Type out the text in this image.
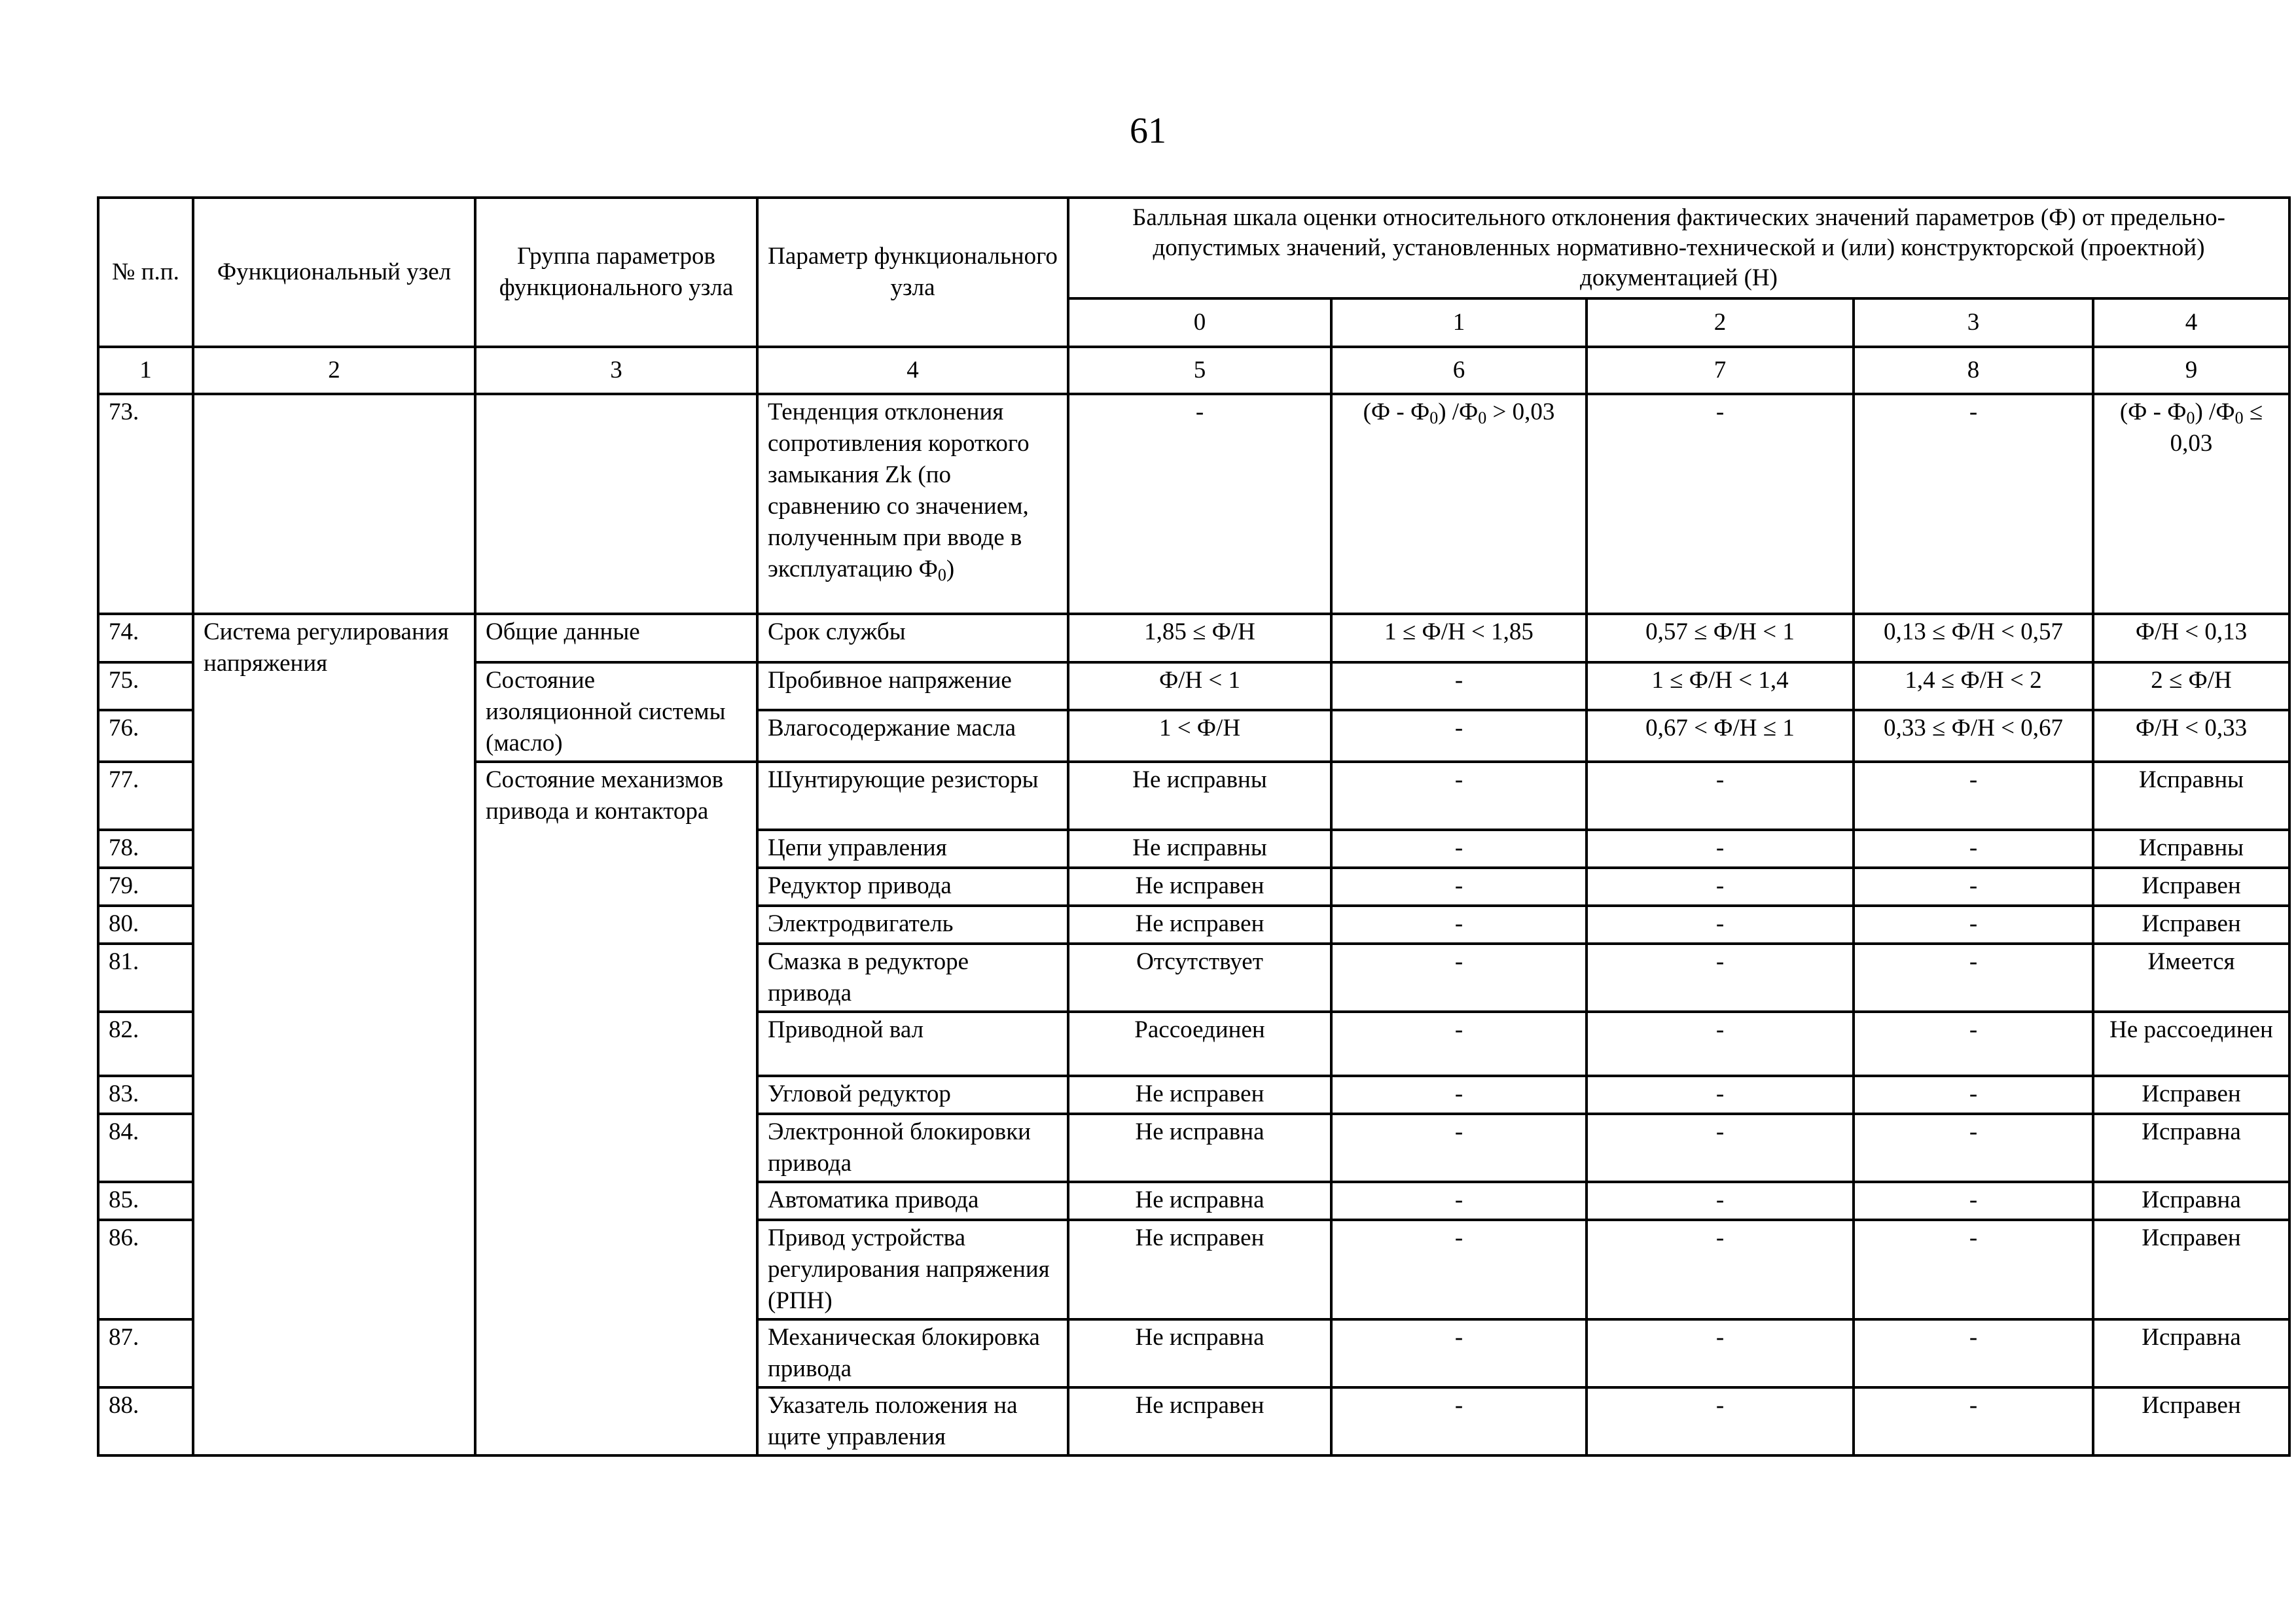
61
№ п.п.	Функциональный узел	Группа параметров функционального узла	Параметр функционального узла	Балльная шкала оценки относительного отклонения фактических значений параметров (Ф) от предельно-допустимых значений, установленных нормативно-технической и (или) конструкторской (проектной) документацией (Н)				
				0	1	2	3	4
1	2	3	4	5	6	7	8	9
73.			Тенденция отклонения сопротивления короткого замыкания Zk (по сравнению со значением, полученным при вводе в эксплуатацию $Ф_0$)	-	$(Ф - Ф_0)$ $/Ф_0 > 0,03$	-	-	$(Ф - Ф_0)$ $/Ф_0 \le 0,03$
74.	Система регулирования напряжения	Общие данные	Срок службы	1,85 ≤ Ф/Н	1 ≤ Ф/Н < 1,85	0,57 ≤ Ф/Н < 1	0,13 ≤ Ф/Н < 0,57	Ф/Н < 0,13
75.		Состояние изоляционной системы (масло)	Пробивное напряжение	Ф/Н < 1	-	1 ≤ Ф/Н < 1,4	1,4 ≤ Ф/Н < 2	2 ≤ Ф/Н
76.			Влагосодержание масла	1 < Ф/Н	-	0,67 < Ф/Н ≤ 1	0,33 ≤ Ф/Н < 0,67	Ф/Н < 0,33
77.		Состояние механизмов привода и контактора	Шунтирующие резисторы	Не исправны	-	-	-	Исправны
78.			Цепи управления	Не исправны	-	-	-	Исправны
79.			Редуктор привода	Не исправен	-	-	-	Исправен
80.			Электродвигатель	Не исправен	-	-	-	Исправен
81.			Смазка в редукторе привода	Отсутствует	-	-	-	Имеется
82.			Приводной вал	Рассоединен	-	-	-	Не рассоединен
83.			Угловой редуктор	Не исправен	-	-	-	Исправен
84.			Электронной блокировки привода	Не исправна	-	-	-	Исправна
85.			Автоматика привода	Не исправна	-	-	-	Исправна
86.			Привод устройства регулирования напряжения (РПН)	Не исправен	-	-	-	Исправен
87.			Механическая блокировка привода	Не исправна	-	-	-	Исправна
88.			Указатель положения на щите управления	Не исправен	-	-	-	Исправен
